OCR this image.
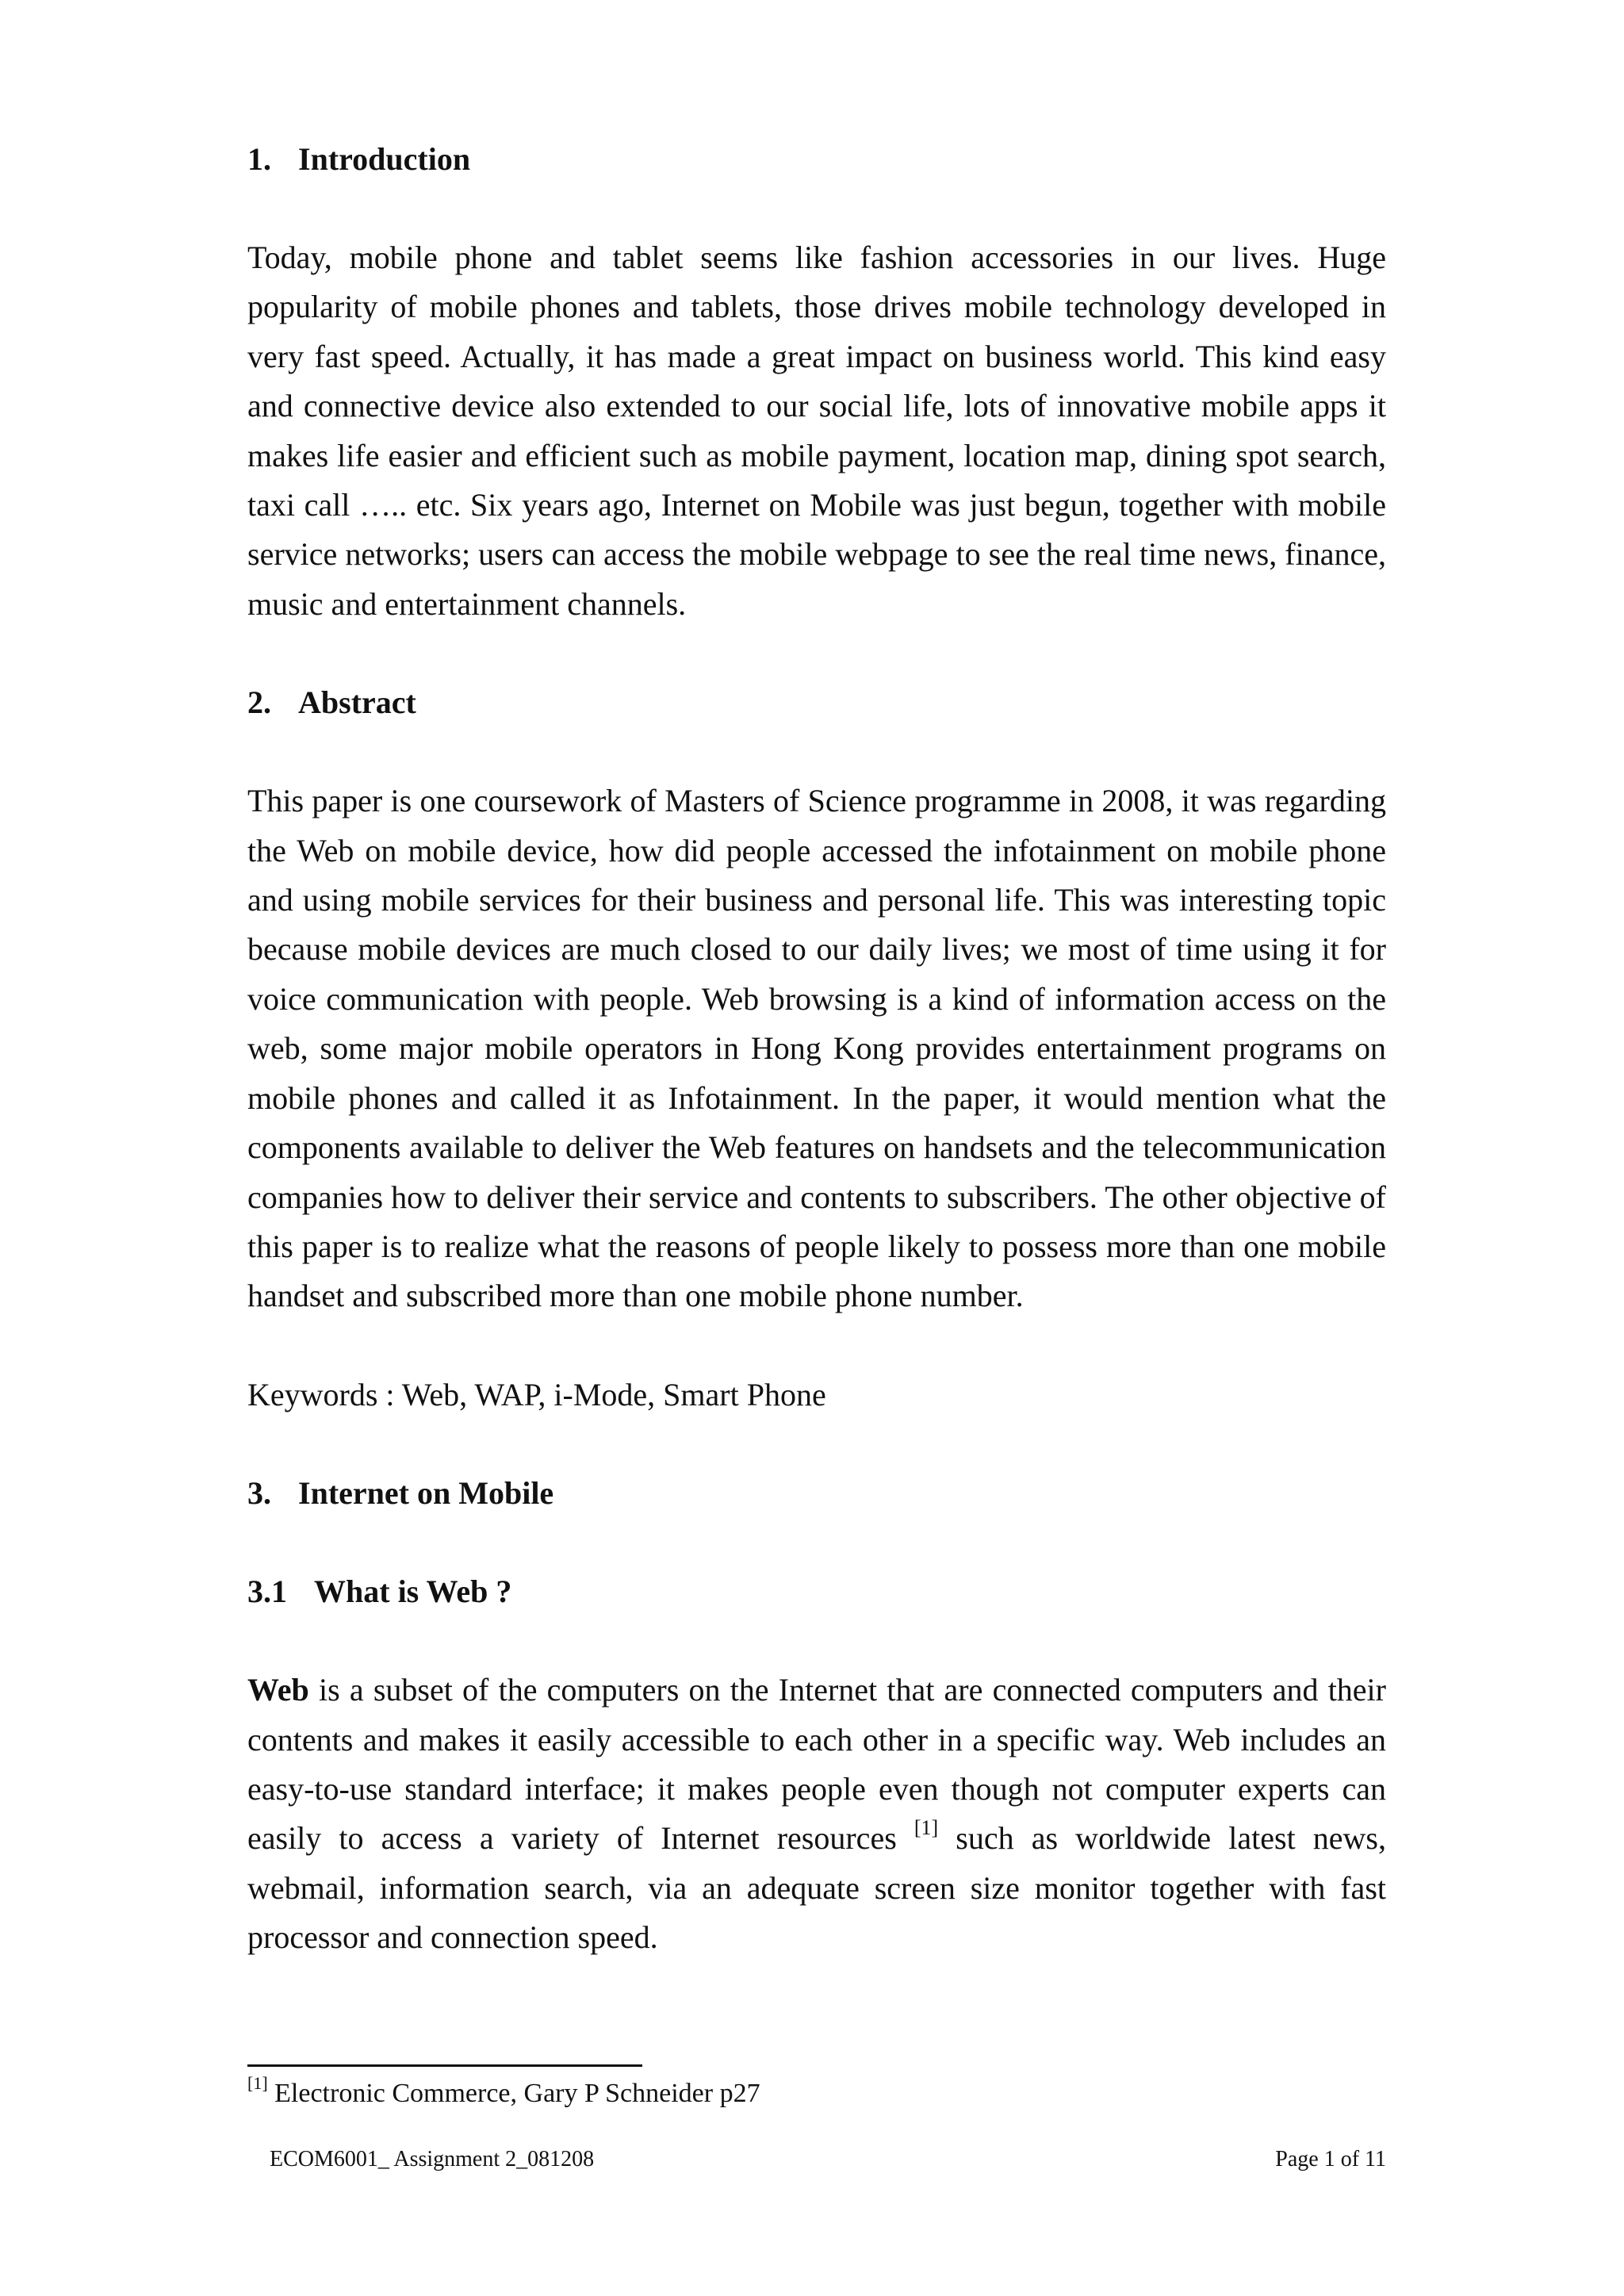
1. Introduction

Today, mobile phone and tablet seems like fashion accessories in our lives. Huge popularity of mobile phones and tablets, those drives mobile technology developed in very fast speed. Actually, it has made a great impact on business world. This kind easy and connective device also extended to our social life, lots of innovative mobile apps it makes life easier and efficient such as mobile payment, location map, dining spot search, taxi call ….. etc. Six years ago, Internet on Mobile was just begun, together with mobile service networks; users can access the mobile webpage to see the real time news, finance, music and entertainment channels.

2. Abstract

This paper is one coursework of Masters of Science programme in 2008, it was regarding the Web on mobile device, how did people accessed the infotainment on mobile phone and using mobile services for their business and personal life. This was interesting topic because mobile devices are much closed to our daily lives; we most of time using it for voice communication with people. Web browsing is a kind of information access on the web, some major mobile operators in Hong Kong provides entertainment programs on mobile phones and called it as Infotainment. In the paper, it would mention what the components available to deliver the Web features on handsets and the telecommunication companies how to deliver their service and contents to subscribers. The other objective of this paper is to realize what the reasons of people likely to possess more than one mobile handset and subscribed more than one mobile phone number.

Keywords : Web, WAP, i-Mode, Smart Phone

3. Internet on Mobile
3.1 What is Web ?

Web is a subset of the computers on the Internet that are connected computers and their contents and makes it easily accessible to each other in a specific way. Web includes an easy-to-use standard interface; it makes people even though not computer experts can easily to access a variety of Internet resources [1] such as worldwide latest news, webmail, information search, via an adequate screen size monitor together with fast processor and connection speed.

[1] Electronic Commerce, Gary P Schneider p27
ECOM6001_ Assignment 2_081208	Page 1 of 11
